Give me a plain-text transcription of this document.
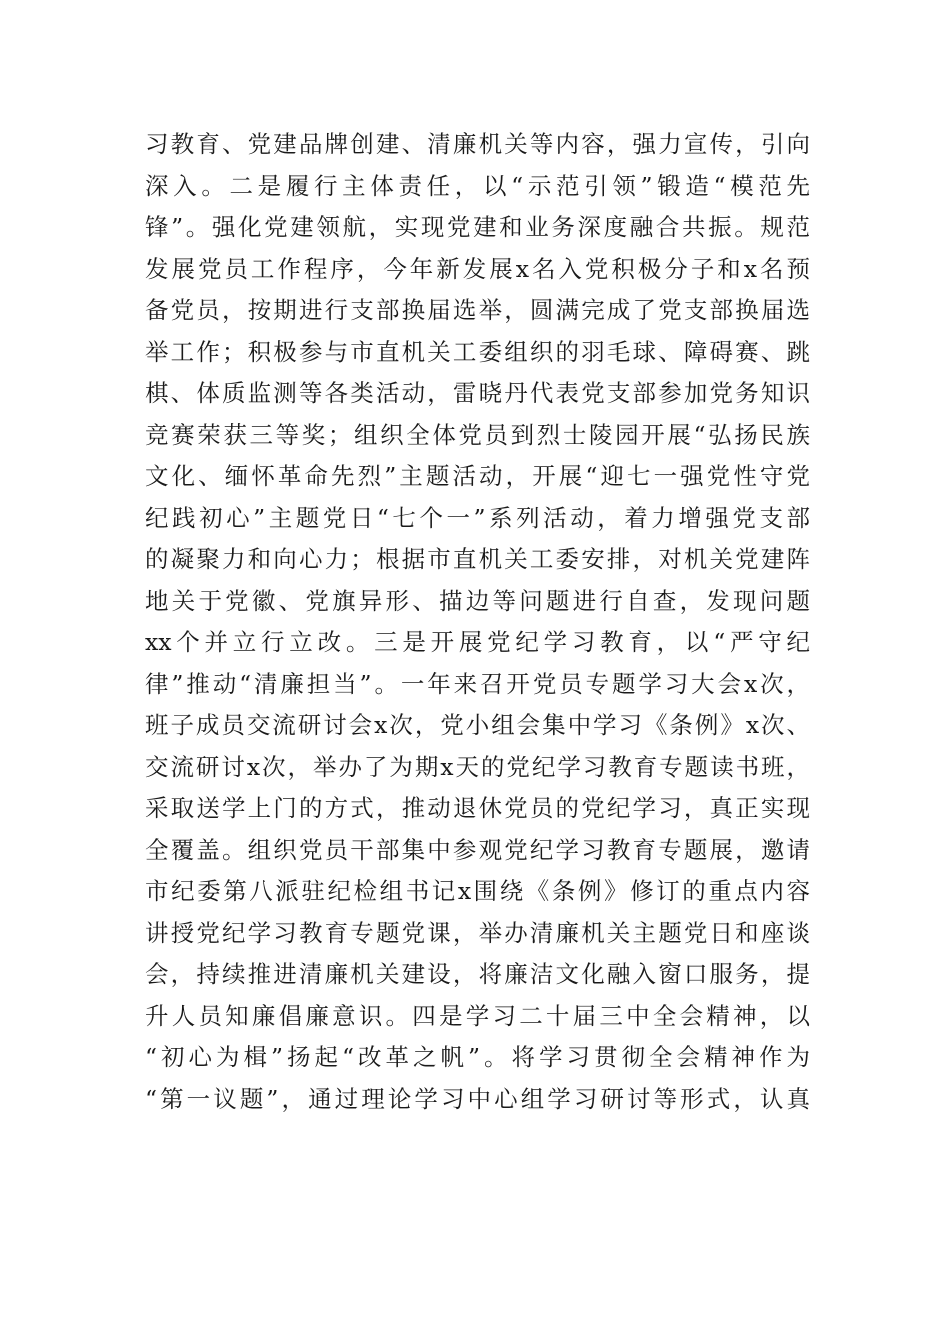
习教育、党建品牌创建、清廉机关等内容，强力宣传，引向
深入。二是履行主体责任，以“示范引领”锻造“模范先
锋”。强化党建领航，实现党建和业务深度融合共振。规范
发展党员工作程序，今年新发展x名入党积极分子和x名预
备党员，按期进行支部换届选举，圆满完成了党支部换届选
举工作；积极参与市直机关工委组织的羽毛球、障碍赛、跳
棋、体质监测等各类活动，雷晓丹代表党支部参加党务知识
竞赛荣获三等奖；组织全体党员到烈士陵园开展“弘扬民族
文化、缅怀革命先烈”主题活动，开展“迎七一强党性守党
纪践初心”主题党日“七个一”系列活动，着力增强党支部
的凝聚力和向心力；根据市直机关工委安排，对机关党建阵
地关于党徽、党旗异形、描边等问题进行自查，发现问题
xx个并立行立改。三是开展党纪学习教育，以“严守纪
律”推动“清廉担当”。一年来召开党员专题学习大会x次，
班子成员交流研讨会x次，党小组会集中学习《条例》x次、
交流研讨x次，举办了为期x天的党纪学习教育专题读书班，
采取送学上门的方式，推动退休党员的党纪学习，真正实现
全覆盖。组织党员干部集中参观党纪学习教育专题展，邀请
市纪委第八派驻纪检组书记x围绕《条例》修订的重点内容
讲授党纪学习教育专题党课，举办清廉机关主题党日和座谈
会，持续推进清廉机关建设，将廉洁文化融入窗口服务，提
升人员知廉倡廉意识。四是学习二十届三中全会精神，以
“初心为楫”扬起“改革之帆”。将学习贯彻全会精神作为
“第一议题”，通过理论学习中心组学习研讨等形式，认真
